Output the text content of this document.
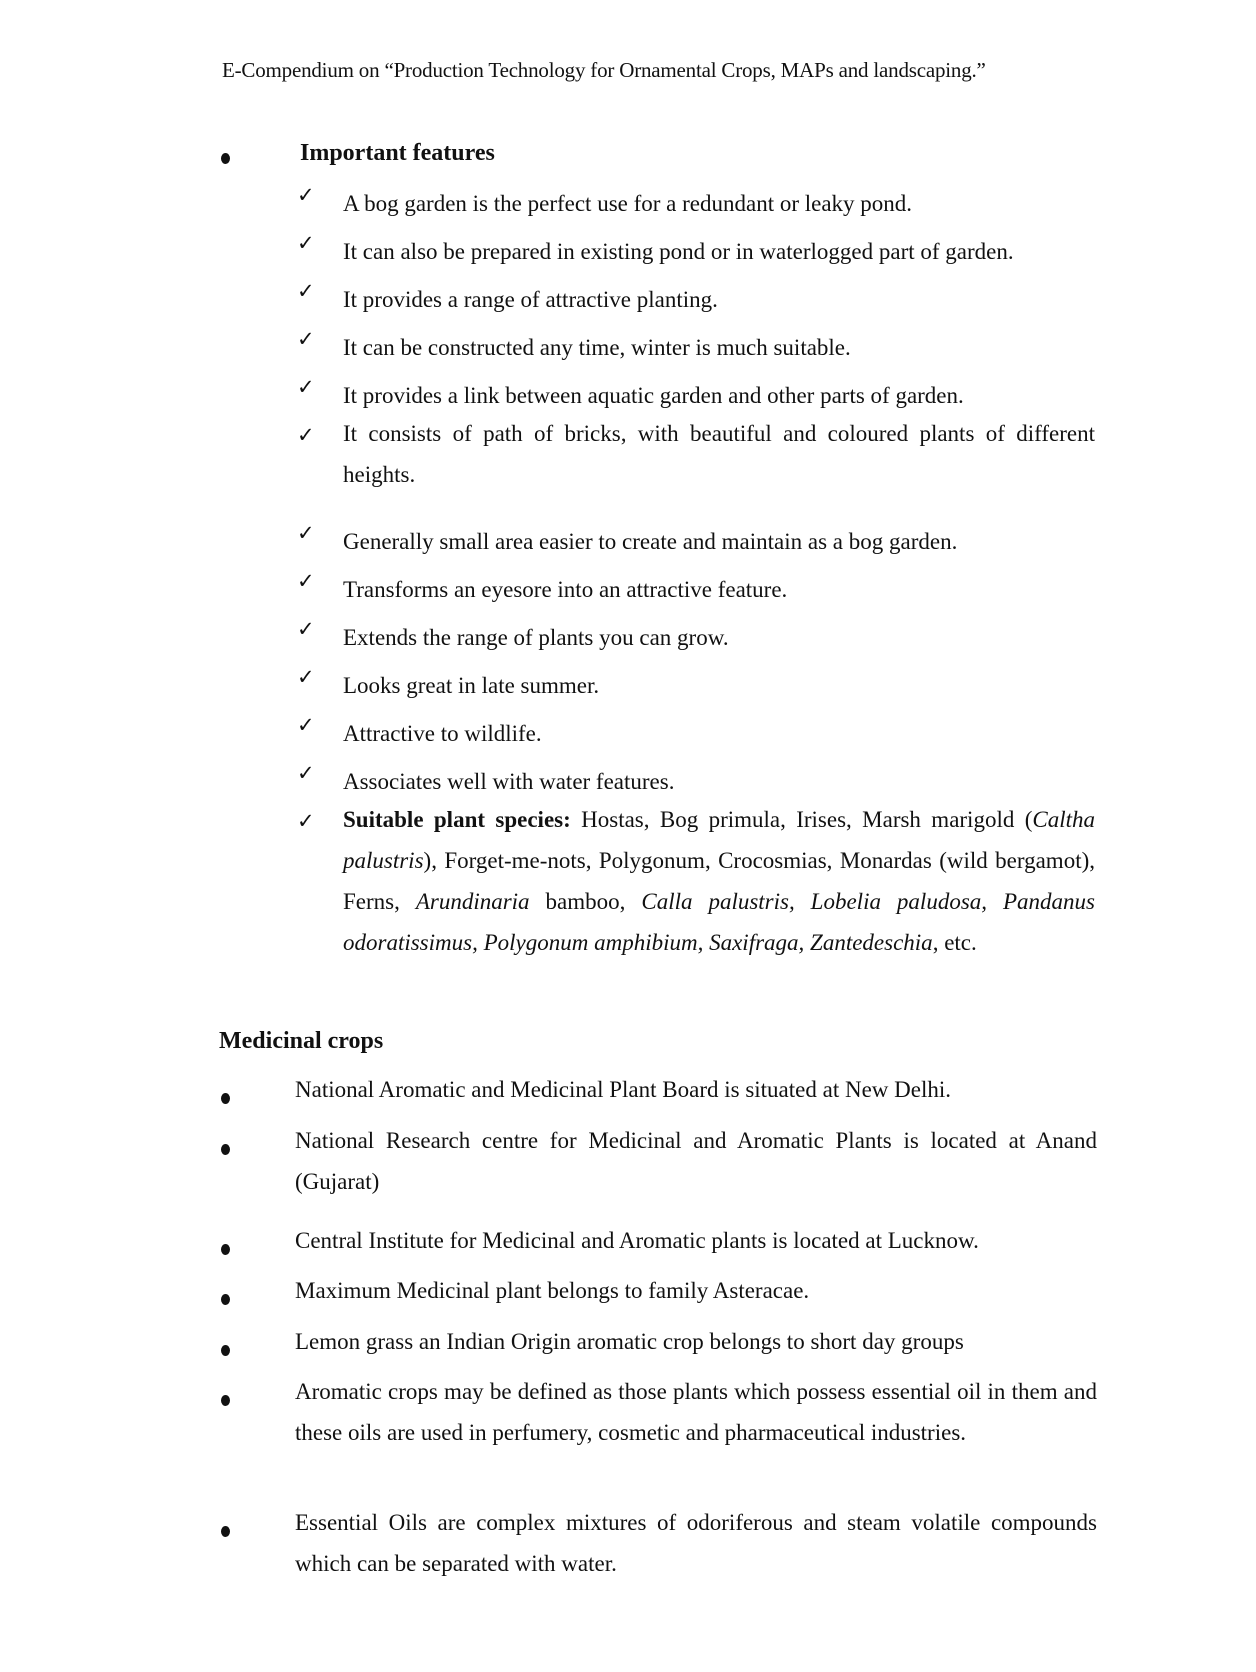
E-Compendium on “Production Technology for Ornamental Crops, MAPs and landscaping.”
Important features
✓ A bog garden is the perfect use for a redundant or leaky pond.
✓ It can also be prepared in existing pond or in waterlogged part of garden.
✓ It provides a range of attractive planting.
✓ It can be constructed any time, winter is much suitable.
✓ It provides a link between aquatic garden and other parts of garden.
✓ It consists of path of bricks, with beautiful and coloured plants of different heights.
✓ Generally small area easier to create and maintain as a bog garden.
✓ Transforms an eyesore into an attractive feature.
✓ Extends the range of plants you can grow.
✓ Looks great in late summer.
✓ Attractive to wildlife.
✓ Associates well with water features.
✓ Suitable plant species: Hostas, Bog primula, Irises, Marsh marigold (Caltha palustris), Forget-me-nots, Polygonum, Crocosmias, Monardas (wild bergamot), Ferns, Arundinaria bamboo, Calla palustris, Lobelia paludosa, Pandanus odoratissimus, Polygonum amphibium, Saxifraga, Zantedeschia, etc.
Medicinal crops
National Aromatic and Medicinal Plant Board is situated at New Delhi.
National Research centre for Medicinal and Aromatic Plants is located at Anand (Gujarat)
Central Institute for Medicinal and Aromatic plants is located at Lucknow.
Maximum Medicinal plant belongs to family Asteracae.
Lemon grass an Indian Origin aromatic crop belongs to short day groups
Aromatic crops may be defined as those plants which possess essential oil in them and these oils are used in perfumery, cosmetic and pharmaceutical industries.
Essential Oils are complex mixtures of odoriferous and steam volatile compounds which can be separated with water.
